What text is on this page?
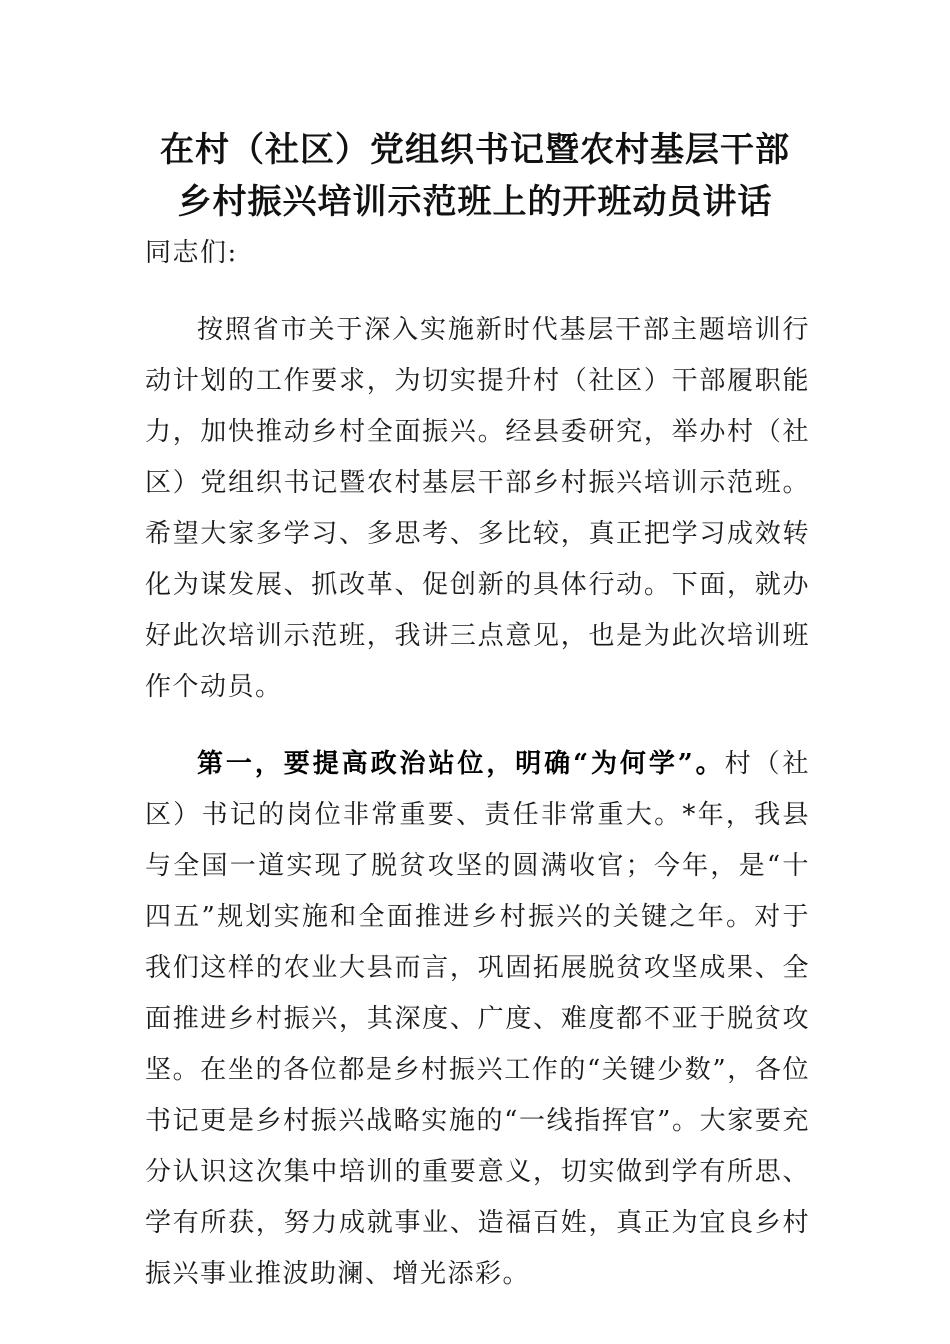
在村（社区）党组织书记暨农村基层干部
乡村振兴培训示范班上的开班动员讲话

同志们:

按照省市关于深入实施新时代基层干部主题培训行动计划的工作要求，为切实提升村（社区）干部履职能力，加快推动乡村全面振兴。经县委研究，举办村（社区）党组织书记暨农村基层干部乡村振兴培训示范班。希望大家多学习、多思考、多比较，真正把学习成效转化为谋发展、抓改革、促创新的具体行动。下面，就办好此次培训示范班，我讲三点意见，也是为此次培训班作个动员。

第一，要提高政治站位，明确“为何学”。村（社区）书记的岗位非常重要、责任非常重大。*年，我县与全国一道实现了脱贫攻坚的圆满收官；今年，是“十四五”规划实施和全面推进乡村振兴的关键之年。对于我们这样的农业大县而言，巩固拓展脱贫攻坚成果、全面推进乡村振兴，其深度、广度、难度都不亚于脱贫攻坚。在坐的各位都是乡村振兴工作的“关键少数”，各位书记更是乡村振兴战略实施的“一线指挥官”。大家要充分认识这次集中培训的重要意义，切实做到学有所思、学有所获，努力成就事业、造福百姓，真正为宜良乡村振兴事业推波助澜、增光添彩。
